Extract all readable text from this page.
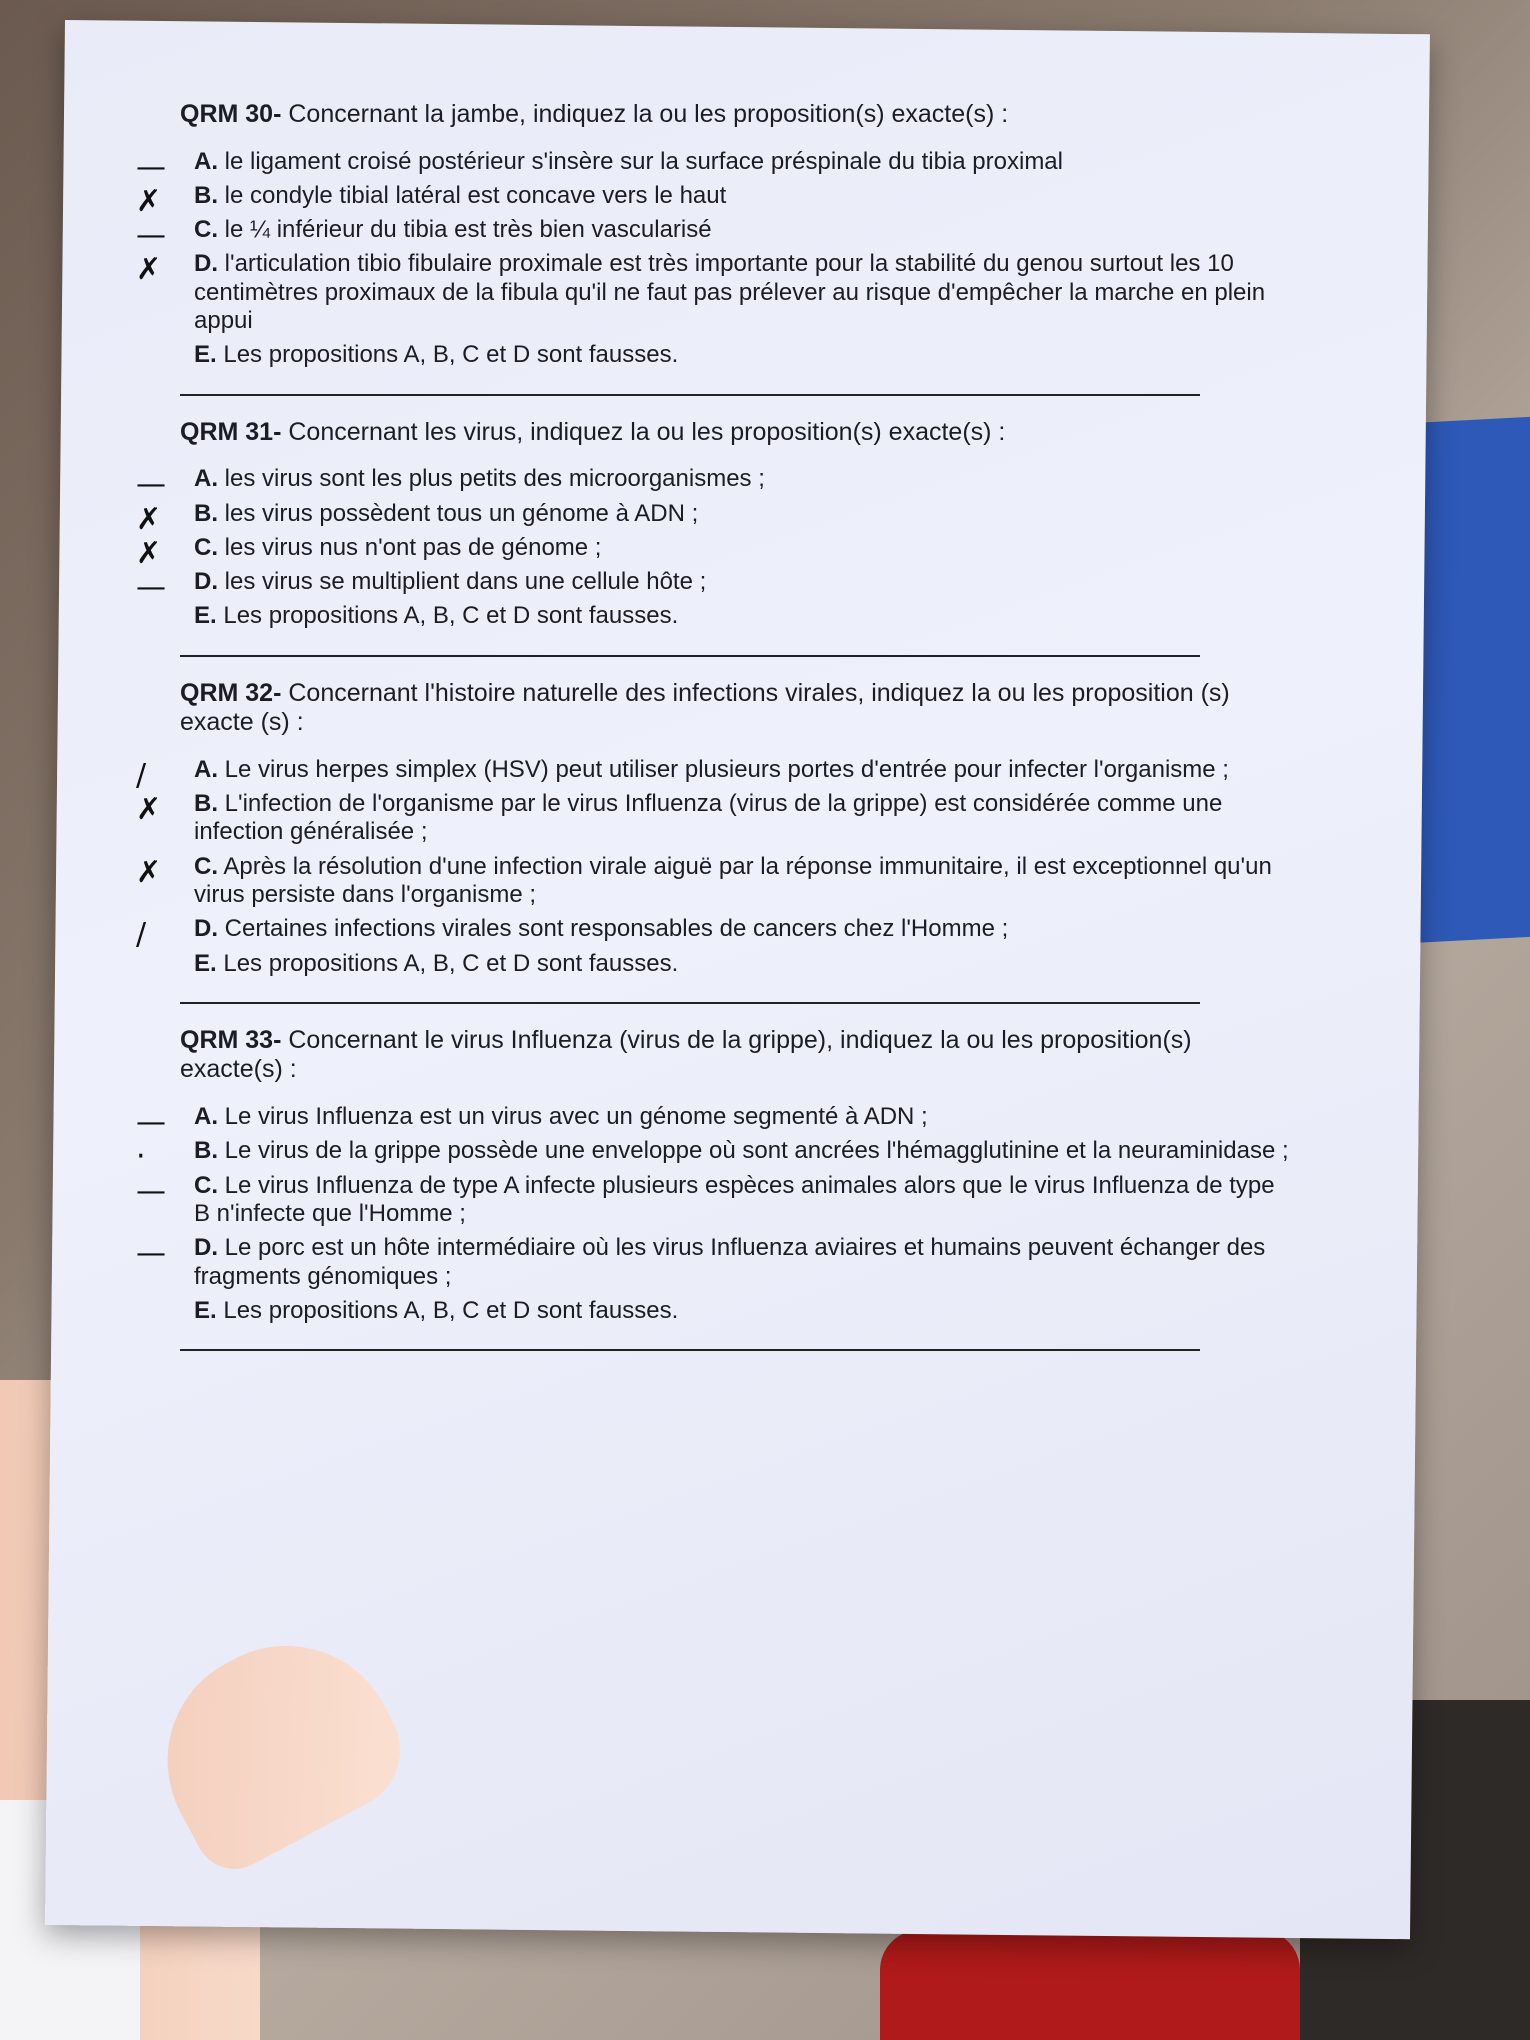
QRM 30- Concernant la jambe, indiquez la ou les proposition(s) exacte(s) :
— A. le ligament croisé postérieur s'insère sur la surface préspinale du tibia proximal
✗ B. le condyle tibial latéral est concave vers le haut
— C. le ¼ inférieur du tibia est très bien vascularisé
✗ D. l'articulation tibio fibulaire proximale est très importante pour la stabilité du genou surtout les 10 centimètres proximaux de la fibula qu'il ne faut pas prélever au risque d'empêcher la marche en plein appui
E. Les propositions A, B, C et D sont fausses.
QRM 31- Concernant les virus, indiquez la ou les proposition(s) exacte(s) :
— A. les virus sont les plus petits des microorganismes ;
✗ B. les virus possèdent tous un génome à ADN ;
✗ C. les virus nus n'ont pas de génome ;
— D. les virus se multiplient dans une cellule hôte ;
E. Les propositions A, B, C et D sont fausses.
QRM 32- Concernant l'histoire naturelle des infections virales, indiquez la ou les proposition (s) exacte (s) :
/ A. Le virus herpes simplex (HSV) peut utiliser plusieurs portes d'entrée pour infecter l'organisme ;
✗ B. L'infection de l'organisme par le virus Influenza (virus de la grippe) est considérée comme une infection généralisée ;
✗ C. Après la résolution d'une infection virale aiguë par la réponse immunitaire, il est exceptionnel qu'un virus persiste dans l'organisme ;
/ D. Certaines infections virales sont responsables de cancers chez l'Homme ;
E. Les propositions A, B, C et D sont fausses.
QRM 33- Concernant le virus Influenza (virus de la grippe), indiquez la ou les proposition(s) exacte(s) :
— A. Le virus Influenza est un virus avec un génome segmenté à ADN ;
· B. Le virus de la grippe possède une enveloppe où sont ancrées l'hémagglutinine et la neuraminidase ;
— C. Le virus Influenza de type A infecte plusieurs espèces animales alors que le virus Influenza de type B n'infecte que l'Homme ;
— D. Le porc est un hôte intermédiaire où les virus Influenza aviaires et humains peuvent échanger des fragments génomiques ;
E. Les propositions A, B, C et D sont fausses.
